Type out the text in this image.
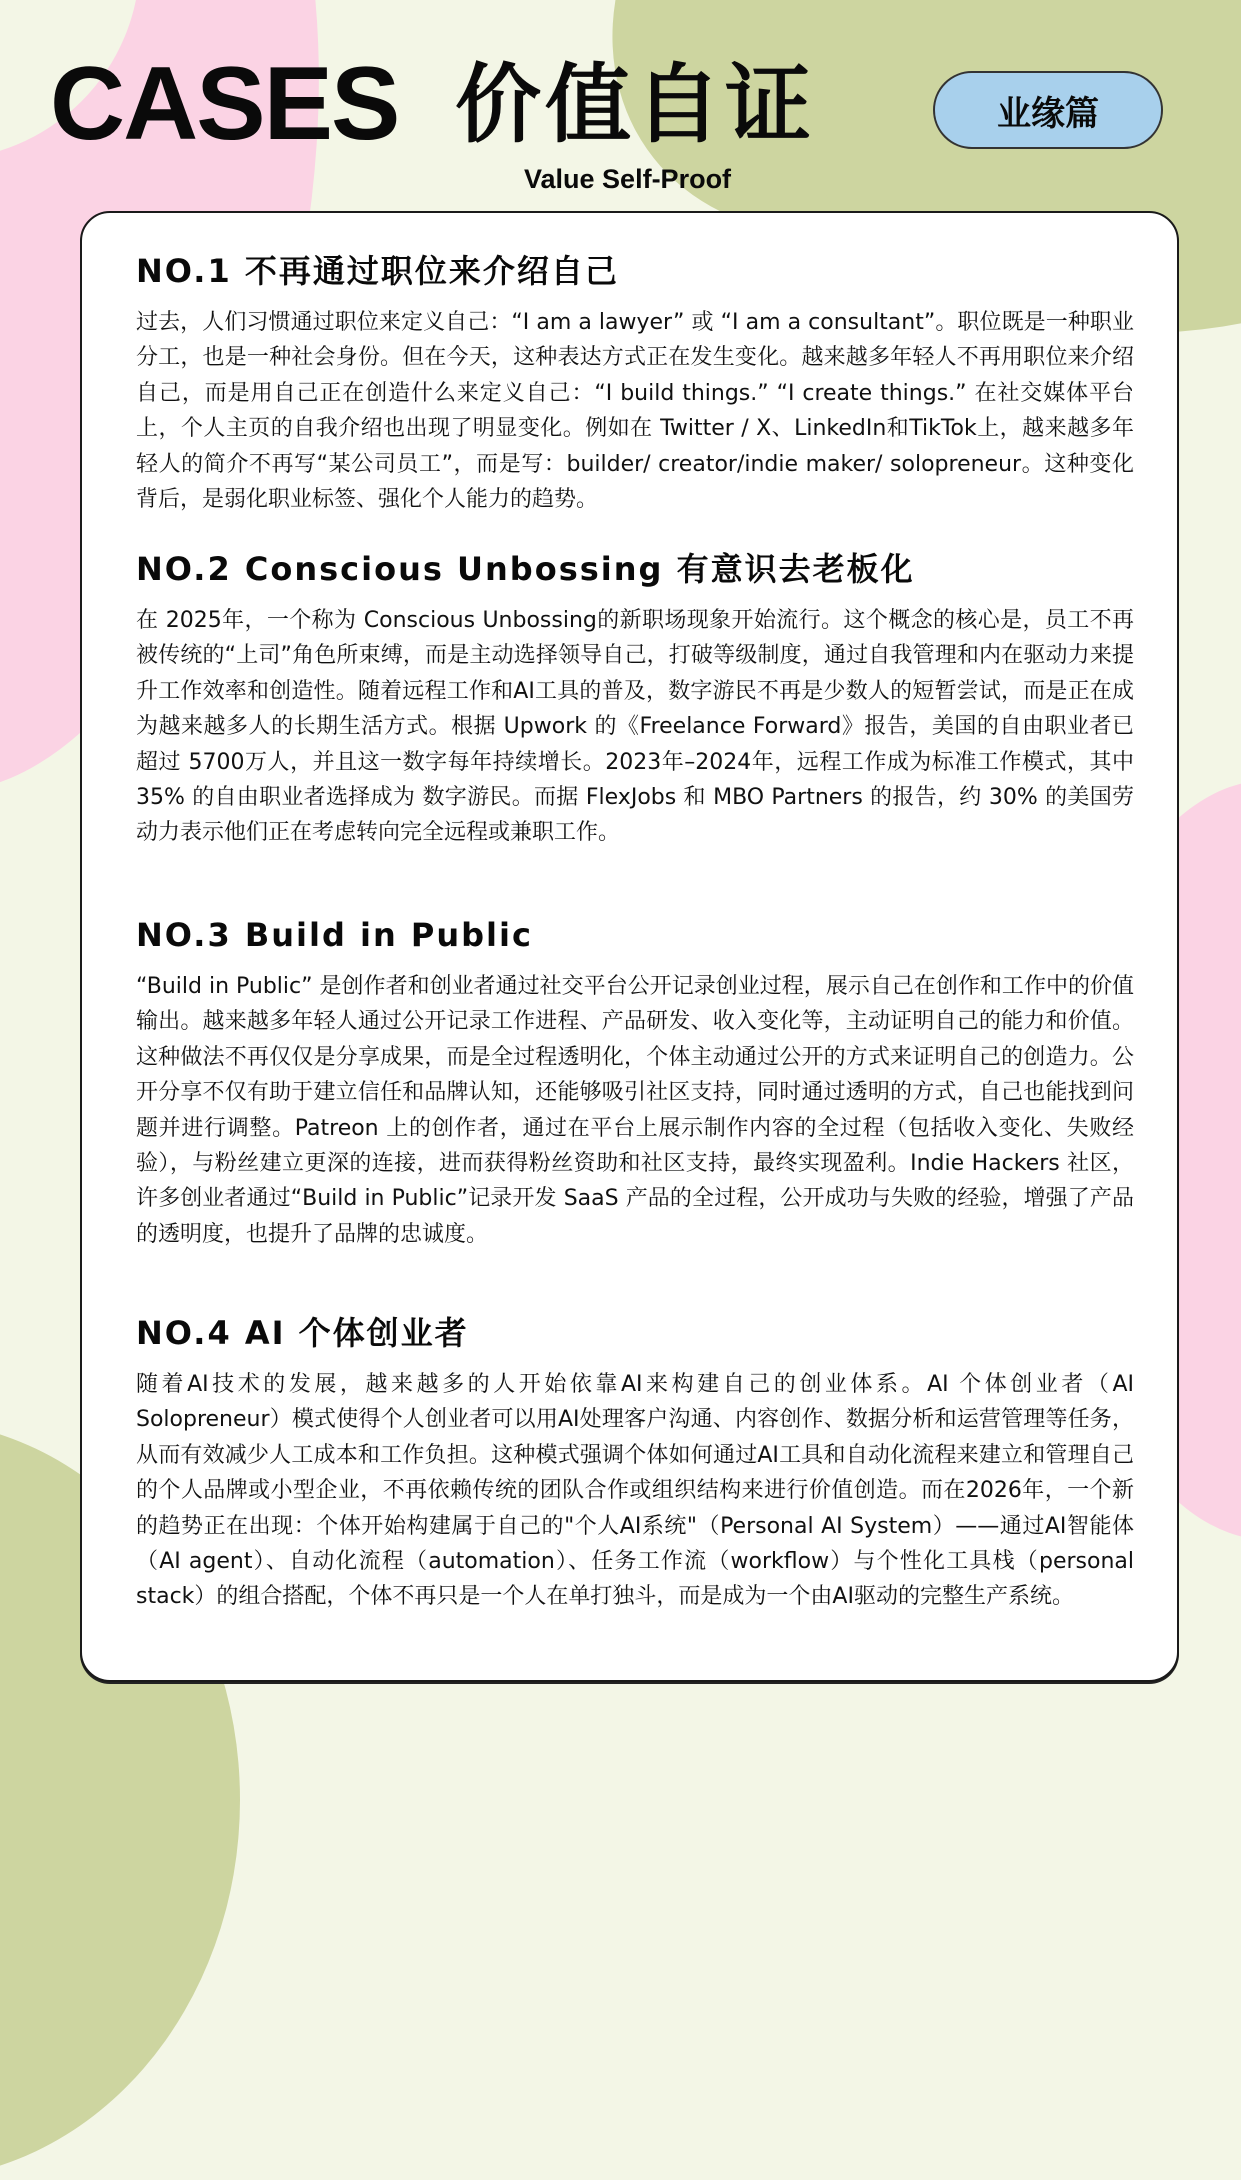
CASES 价值自证
Value Self-Proof
业缘篇
NO.1 不再通过职位来介绍自己

过去，人们习惯通过职位来定义自己：“I am a lawyer” 或 “I am a consultant”。职位既是一种职业分工，也是一种社会身份。但在今天，这种表达方式正在发生变化。越来越多年轻人不再用职位来介绍自己，而是用自己正在创造什么来定义自己：“I build things.” “I create things.” 在社交媒体平台上，个人主页的自我介绍也出现了明显变化。例如在 Twitter / X、LinkedIn和TikTok上，越来越多年轻人的简介不再写“某公司员工”，而是写：builder/ creator/indie maker/ solopreneur。这种变化背后，是弱化职业标签、强化个人能力的趋势。

NO.2 Conscious Unbossing 有意识去老板化

在 2025年，一个称为 Conscious Unbossing的新职场现象开始流行。这个概念的核心是，员工不再被传统的“上司”角色所束缚，而是主动选择领导自己，打破等级制度，通过自我管理和内在驱动力来提升工作效率和创造性。随着远程工作和AI工具的普及，数字游民不再是少数人的短暂尝试，而是正在成为越来越多人的长期生活方式。根据 Upwork 的《Freelance Forward》报告，美国的自由职业者已超过 5700万人，并且这一数字每年持续增长。2023年–2024年，远程工作成为标准工作模式，其中 35% 的自由职业者选择成为 数字游民。而据 FlexJobs 和 MBO Partners 的报告，约 30% 的美国劳动力表示他们正在考虑转向完全远程或兼职工作。

NO.3 Build in Public

“Build in Public” 是创作者和创业者通过社交平台公开记录创业过程，展示自己在创作和工作中的价值输出。越来越多年轻人通过公开记录工作进程、产品研发、收入变化等，主动证明自己的能力和价值。这种做法不再仅仅是分享成果，而是全过程透明化，个体主动通过公开的方式来证明自己的创造力。公开分享不仅有助于建立信任和品牌认知，还能够吸引社区支持，同时通过透明的方式，自己也能找到问题并进行调整。Patreon 上的创作者，通过在平台上展示制作内容的全过程（包括收入变化、失败经验），与粉丝建立更深的连接，进而获得粉丝资助和社区支持，最终实现盈利。Indie Hackers 社区，许多创业者通过“Build in Public”记录开发 SaaS 产品的全过程，公开成功与失败的经验，增强了产品的透明度，也提升了品牌的忠诚度。

NO.4 AI 个体创业者

随着AI技术的发展，越来越多的人开始依靠AI来构建自己的创业体系。AI 个体创业者（AI Solopreneur）模式使得个人创业者可以用AI处理客户沟通、内容创作、数据分析和运营管理等任务，从而有效减少人工成本和工作负担。这种模式强调个体如何通过AI工具和自动化流程来建立和管理自己的个人品牌或小型企业，不再依赖传统的团队合作或组织结构来进行价值创造。而在2026年，一个新的趋势正在出现：个体开始构建属于自己的"个人AI系统"（Personal AI System）——通过AI智能体（AI agent）、自动化流程（automation）、任务工作流（workflow）与个性化工具栈（personal stack）的组合搭配，个体不再只是一个人在单打独斗，而是成为一个由AI驱动的完整生产系统。
